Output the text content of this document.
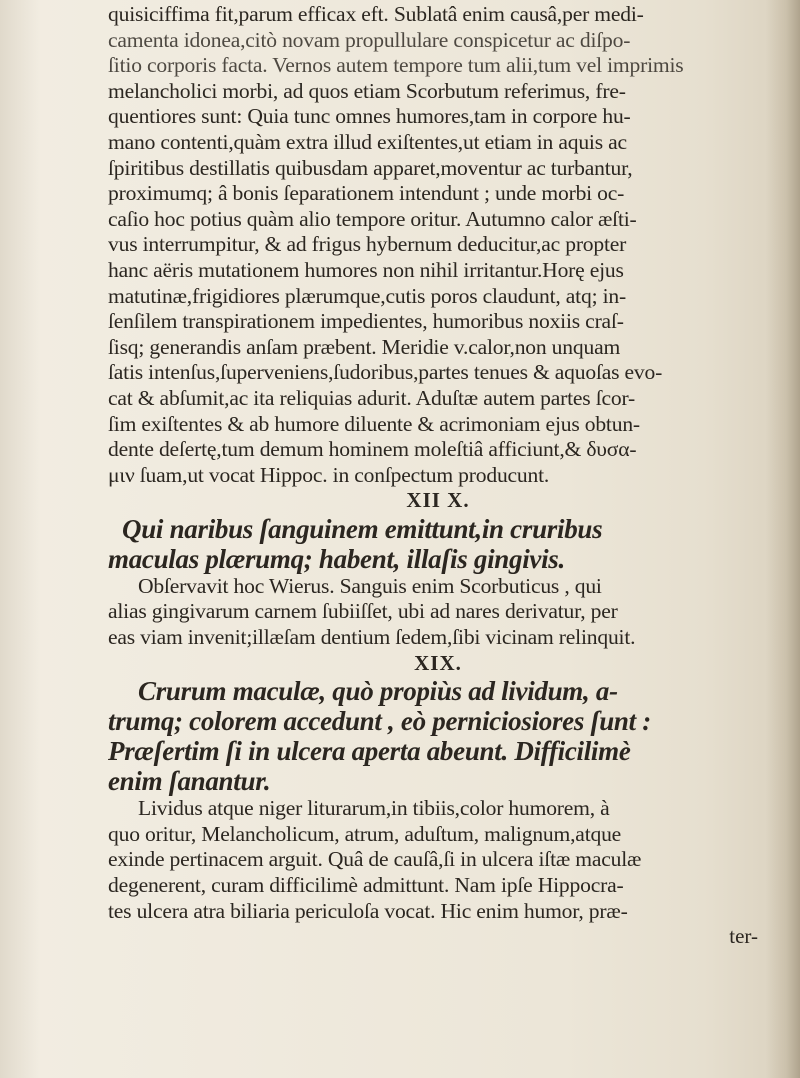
quisiciffima fit,parum efficax eft. Sublatâ enim causâ,per medi-
camenta idonea,citò novam propullulare conspicetur ac diſpo-
ſitio corporis facta. Vernos autem tempore tum alii,tum vel imprimis
melancholici morbi, ad quos etiam Scorbutum referimus, fre-
quentiores sunt: Quia tunc omnes humores,tam in corpore hu-
mano contenti,quàm extra illud exiſtentes,ut etiam in aquis ac
ſpiritibus destillatis quibusdam apparet,moventur ac turbantur,
proximumq; â bonis ſeparationem intendunt ; unde morbi oc-
caſio hoc potius quàm alio tempore oritur. Autumno calor æſti-
vus interrumpitur, & ad frigus hybernum deducitur,ac propter
hanc aëris mutationem humores non nihil irritantur.Horę ejus
matutinæ,frigidiores plærumque,cutis poros claudunt, atq; in-
ſenſilem transpirationem impedientes, humoribus noxiis craſ-
ſisq; generandis anſam præbent. Meridie v.calor,non unquam
ſatis intenſus,ſuperveniens,ſudoribus,partes tenues & aquoſas evo-
cat & abſumit,ac ita reliquias adurit. Aduſtæ autem partes ſcor-
ſim exiſtentes & ab humore diluente & acrimoniam ejus obtun-
dente deſertę,tum demum hominem moleſtiâ afficiunt,& δυσα-
μιν ſuam,ut vocat Hippoc. in conſpectum producunt.
XII X.
Qui naribus ſanguinem emittunt,in cruribus
maculas plærumq; habent, illaſis gingivis.
Obſervavit hoc Wierus. Sanguis enim Scorbuticus , qui
alias gingivarum carnem ſubiiſſet, ubi ad nares derivatur, per
eas viam invenit;illæſam dentium ſedem,ſibi vicinam relinquit.
XIX.
Crurum maculæ, quò propiùs ad lividum, a-
trumq; colorem accedunt , eò perniciosiores ſunt :
Præſertim ſi in ulcera aperta abeunt. Difficilimè
enim ſanantur.
Lividus atque niger liturarum,in tibiis,color humorem, à
quo oritur, Melancholicum, atrum, aduſtum, malignum,atque
exinde pertinacem arguit. Quâ de cauſâ,ſi in ulcera iſtæ maculæ
degenerent, curam difficilimè admittunt. Nam ipſe Hippocra-
tes ulcera atra biliaria periculoſa vocat. Hic enim humor, præ-
ter-
